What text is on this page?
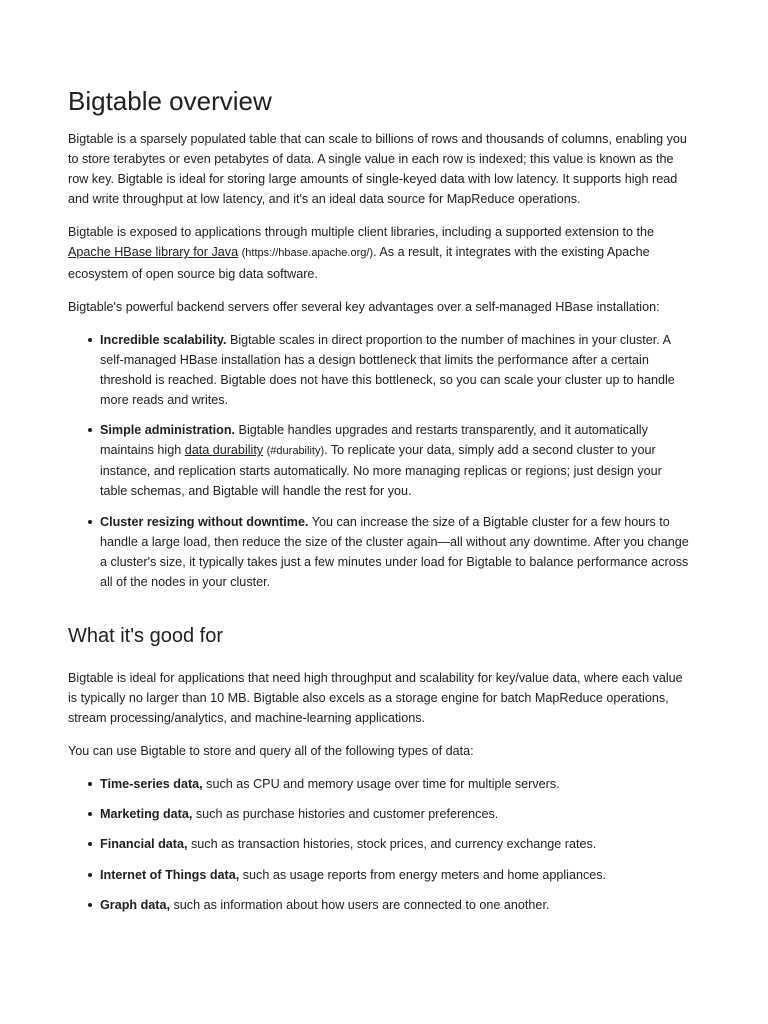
Bigtable overview

Bigtable is a sparsely populated table that can scale to billions of rows and thousands of columns, enabling you to store terabytes or even petabytes of data. A single value in each row is indexed; this value is known as the row key. Bigtable is ideal for storing large amounts of single-keyed data with low latency. It supports high read and write throughput at low latency, and it's an ideal data source for MapReduce operations.

Bigtable is exposed to applications through multiple client libraries, including a supported extension to the Apache HBase library for Java (https://hbase.apache.org/). As a result, it integrates with the existing Apache ecosystem of open source big data software.

Bigtable's powerful backend servers offer several key advantages over a self-managed HBase installation:

Incredible scalability. Bigtable scales in direct proportion to the number of machines in your cluster. A self-managed HBase installation has a design bottleneck that limits the performance after a certain threshold is reached. Bigtable does not have this bottleneck, so you can scale your cluster up to handle more reads and writes.
Simple administration. Bigtable handles upgrades and restarts transparently, and it automatically maintains high data durability (#durability). To replicate your data, simply add a second cluster to your instance, and replication starts automatically. No more managing replicas or regions; just design your table schemas, and Bigtable will handle the rest for you.
Cluster resizing without downtime. You can increase the size of a Bigtable cluster for a few hours to handle a large load, then reduce the size of the cluster again—all without any downtime. After you change a cluster's size, it typically takes just a few minutes under load for Bigtable to balance performance across all of the nodes in your cluster.
What it's good for

Bigtable is ideal for applications that need high throughput and scalability for key/value data, where each value is typically no larger than 10 MB. Bigtable also excels as a storage engine for batch MapReduce operations, stream processing/analytics, and machine-learning applications.

You can use Bigtable to store and query all of the following types of data:

Time-series data, such as CPU and memory usage over time for multiple servers.
Marketing data, such as purchase histories and customer preferences.
Financial data, such as transaction histories, stock prices, and currency exchange rates.
Internet of Things data, such as usage reports from energy meters and home appliances.
Graph data, such as information about how users are connected to one another.
